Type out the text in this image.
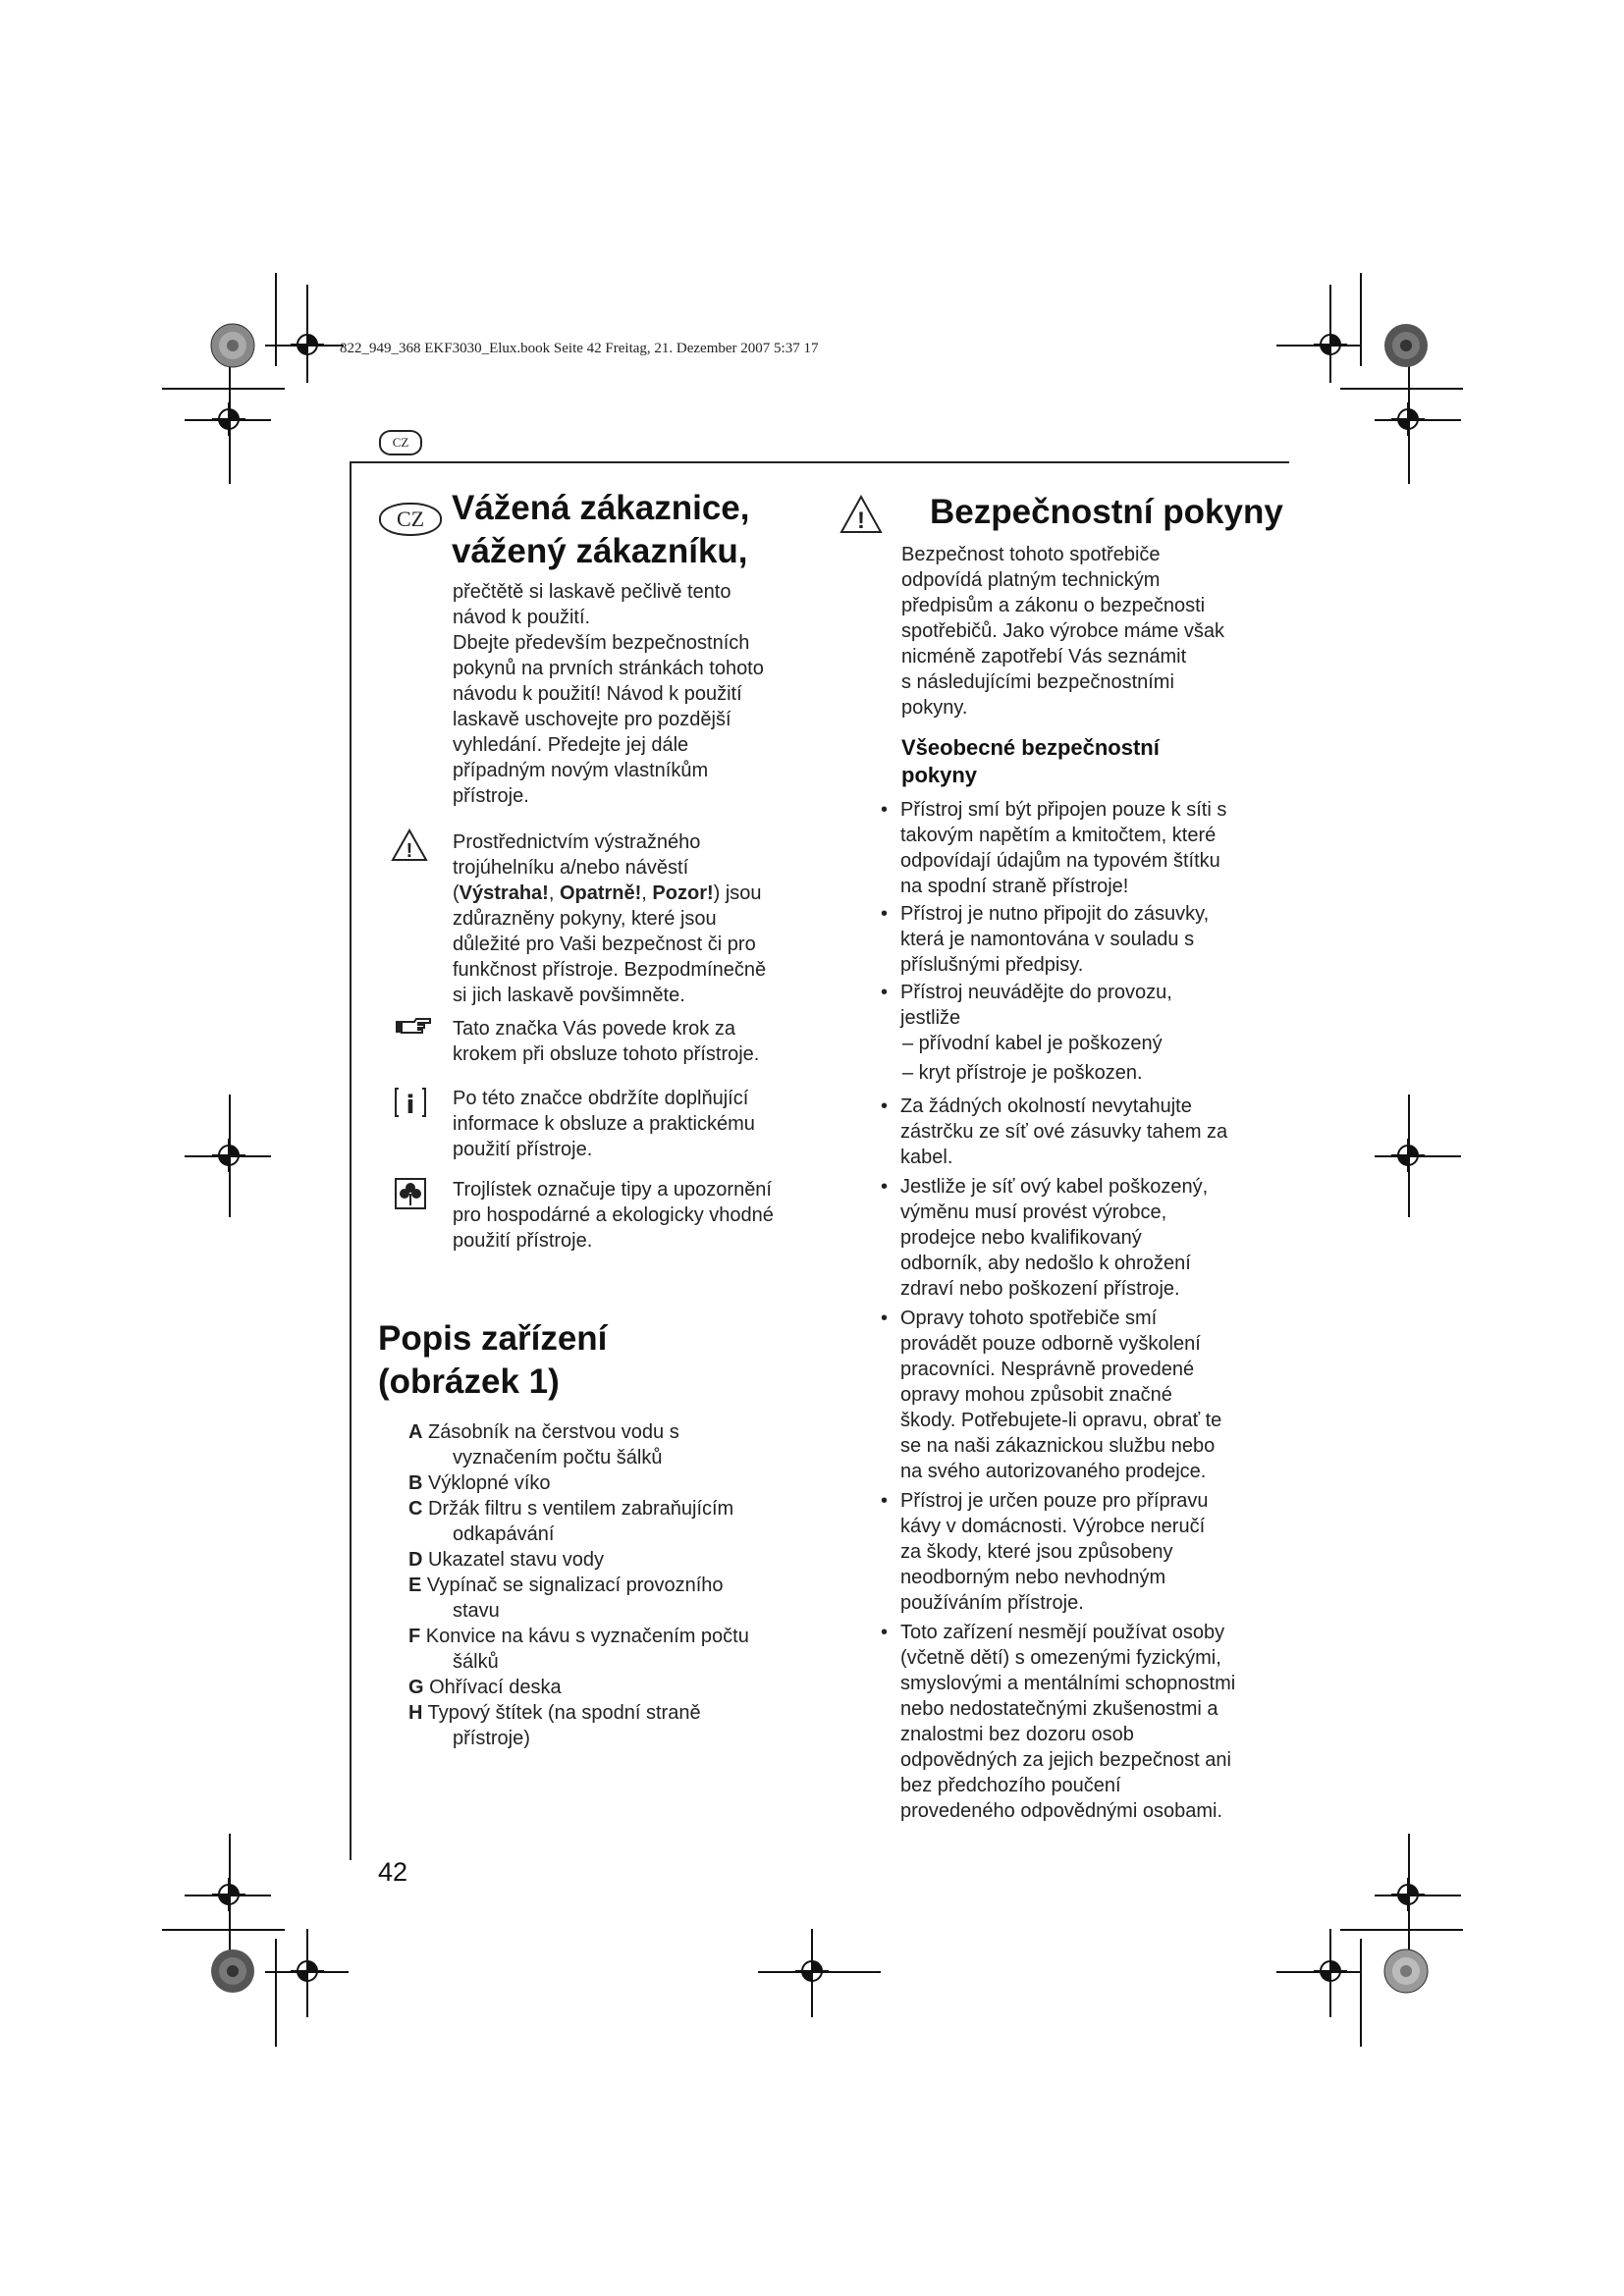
822_949_368 EKF3030_Elux.book Seite 42 Freitag, 21. Dezember 2007 5:37 17
CZ
CZ Vážená zákaznice,
vážený zákazníku,

přečtětě si laskavě pečlivě tento

návod k použití.

Dbejte především bezpečnostních

pokynů na prvních stránkách tohoto

návodu k použití! Návod k použití

laskavě uschovejte pro pozdější

vyhledání. Předejte jej dále

případným novým vlastníkům

přístroje.

! Prostřednictvím výstražného

trojúhelníku a/nebo návěstí

(Výstraha!, Opatrně!, Pozor!) jsou

zdůrazněny pokyny, které jsou

důležité pro Vaši bezpečnost či pro

funkčnost přístroje. Bezpodmínečně

si jich laskavě povšimněte.

Tato značka Vás povede krok za

krokem při obsluze tohoto přístroje.

i Po této značce obdržíte doplňující

informace k obsluze a praktickému

použití přístroje.

Trojlístek označuje tipy a upozornění

pro hospodárné a ekologicky vhodné

použití přístroje.

Popis zařízení
(obrázek 1)
A Zásobník na čerstvou vodu s
vyznačením počtu šálků
B Výklopné víko
C Držák filtru s ventilem zabraňujícím
odkapávání
D Ukazatel stavu vody
E Vypínač se signalizací provozního
stavu
F Konvice na kávu s vyznačením počtu
šálků
G Ohřívací deska
H Typový štítek (na spodní straně
přístroje)
! Bezpečnostní pokyny

Bezpečnost tohoto spotřebiče

odpovídá platným technickým

předpisům a zákonu o bezpečnosti

spotřebičů. Jako výrobce máme však

nicméně zapotřebí Vás seznámit

s následujícími bezpečnostními

pokyny.

Všeobecné bezpečnostní

pokyny

• Přístroj smí být připojen pouze k síti s
takovým napětím a kmitočtem, které
odpovídají údajům na typovém štítku
na spodní straně přístroje!
• Přístroj je nutno připojit do zásuvky,
která je namontována v souladu s
příslušnými předpisy.
• Přístroj neuvádějte do provozu,
jestliže
– přívodní kabel je poškozený
– kryt přístroje je poškozen.
• Za žádných okolností nevytahujte
zástrčku ze síť ové zásuvky tahem za
kabel.
• Jestliže je síť ový kabel poškozený,
výměnu musí provést výrobce,
prodejce nebo kvalifikovaný
odborník, aby nedošlo k ohrožení
zdraví nebo poškození přístroje.
• Opravy tohoto spotřebiče smí
provádět pouze odborně vyškolení
pracovníci. Nesprávně provedené
opravy mohou způsobit značné
škody. Potřebujete-li opravu, obrať te
se na naši zákaznickou službu nebo
na svého autorizovaného prodejce.
• Přístroj je určen pouze pro přípravu
kávy v domácnosti. Výrobce neručí
za škody, které jsou způsobeny
neodborným nebo nevhodným
používáním přístroje.
• Toto zařízení nesmějí používat osoby
(včetně dětí) s omezenými fyzickými,
smyslovými a mentálními schopnostmi
nebo nedostatečnými zkušenostmi a
znalostmi bez dozoru osob
odpovědných za jejich bezpečnost ani
bez předchozího poučení
provedeného odpovědnými osobami.
42
